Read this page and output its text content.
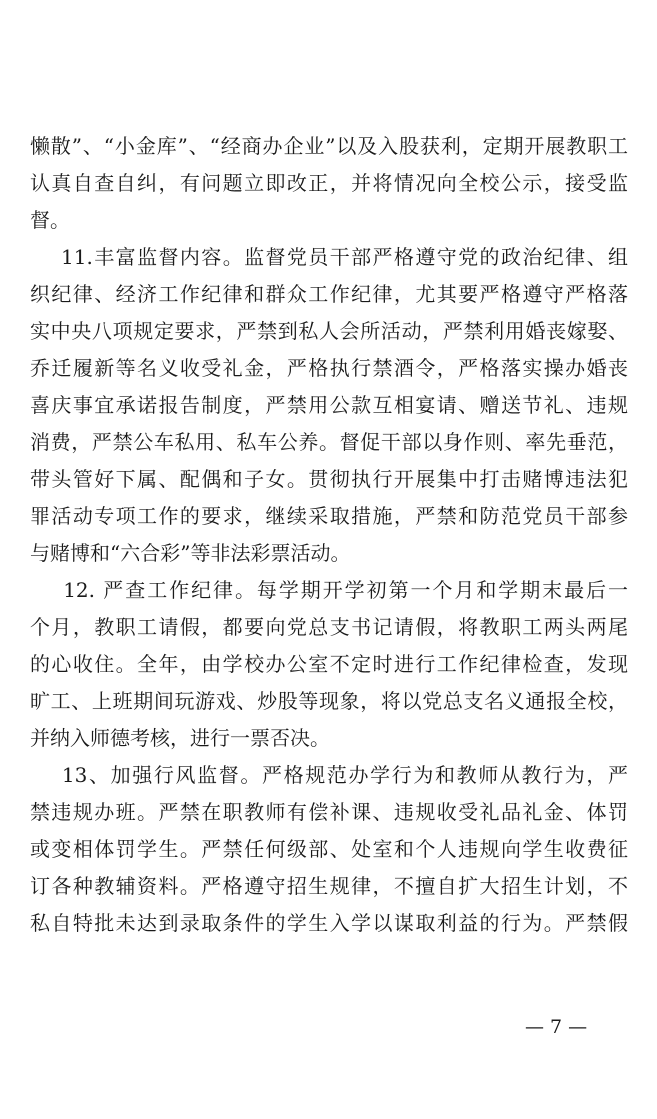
懒散”、“小金库”、“经商办企业”以及入股获利，定期开展教职工
认真自查自纠，有问题立即改正，并将情况向全校公示，接受监
督。
11.丰富监督内容。监督党员干部严格遵守党的政治纪律、组
织纪律、经济工作纪律和群众工作纪律，尤其要严格遵守严格落
实中央八项规定要求，严禁到私人会所活动，严禁利用婚丧嫁娶、
乔迁履新等名义收受礼金，严格执行禁酒令，严格落实操办婚丧
喜庆事宜承诺报告制度，严禁用公款互相宴请、赠送节礼、违规
消费，严禁公车私用、私车公养。督促干部以身作则、率先垂范，
带头管好下属、配偶和子女。贯彻执行开展集中打击赌博违法犯
罪活动专项工作的要求，继续采取措施，严禁和防范党员干部参
与赌博和“六合彩”等非法彩票活动。
12. 严查工作纪律。每学期开学初第一个月和学期末最后一
个月，教职工请假，都要向党总支书记请假，将教职工两头两尾
的心收住。全年，由学校办公室不定时进行工作纪律检查，发现
旷工、上班期间玩游戏、炒股等现象，将以党总支名义通报全校，
并纳入师德考核，进行一票否决。
13、加强行风监督。严格规范办学行为和教师从教行为，严
禁违规办班。严禁在职教师有偿补课、违规收受礼品礼金、体罚
或变相体罚学生。严禁任何级部、处室和个人违规向学生收费征
订各种教辅资料。严格遵守招生规律，不擅自扩大招生计划，不
私自特批未达到录取条件的学生入学以谋取利益的行为。严禁假
— 7 —
